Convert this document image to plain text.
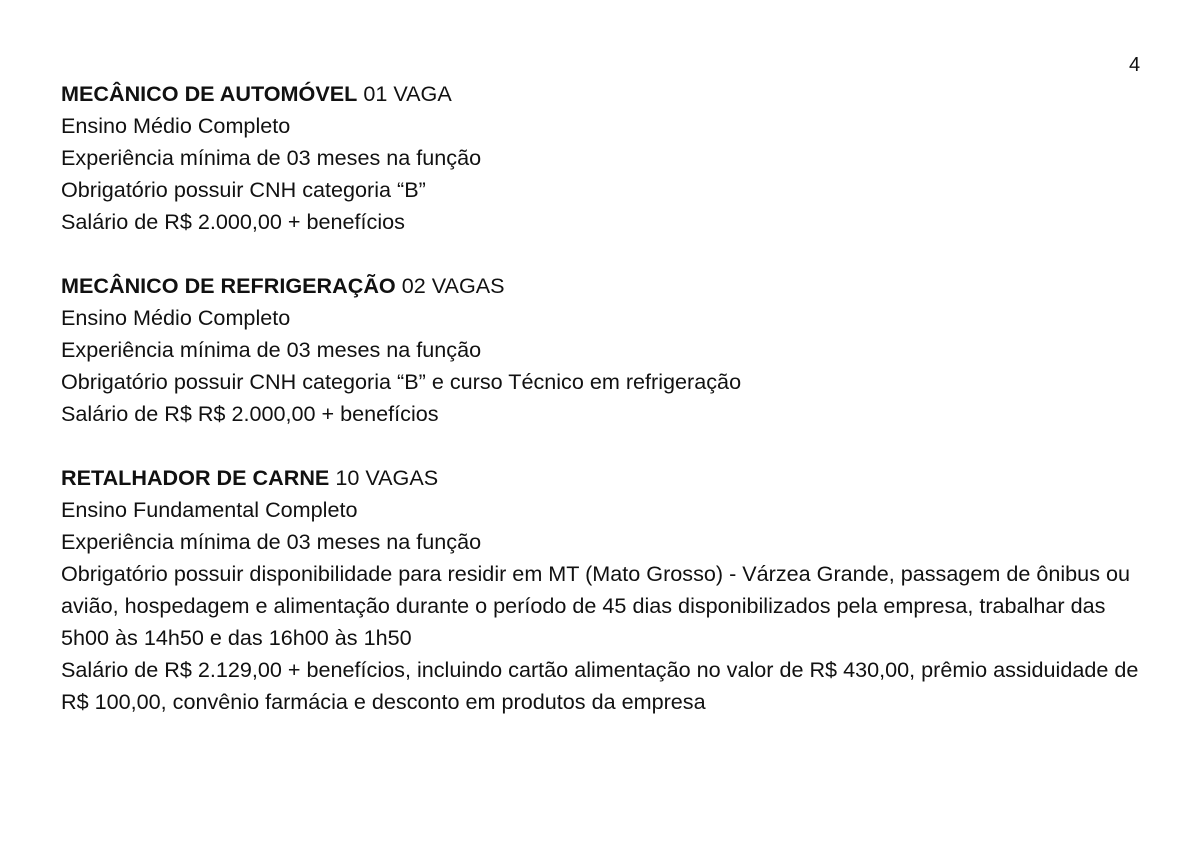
4
MECÂNICO DE AUTOMÓVEL 01 VAGA
Ensino Médio Completo
Experiência mínima de 03 meses na função
Obrigatório possuir CNH categoria “B”
Salário de R$ 2.000,00 + benefícios
MECÂNICO DE REFRIGERAÇÃO 02 VAGAS
Ensino Médio Completo
Experiência mínima de 03 meses na função
Obrigatório possuir CNH categoria “B” e curso Técnico em refrigeração
Salário de R$ R$ 2.000,00 + benefícios
RETALHADOR DE CARNE 10 VAGAS
Ensino Fundamental Completo
Experiência mínima de 03 meses na função
Obrigatório possuir disponibilidade para residir em MT (Mato Grosso) - Várzea Grande, passagem de ônibus ou avião, hospedagem e alimentação durante o período de 45 dias disponibilizados pela empresa, trabalhar das 5h00 às 14h50 e das 16h00 às 1h50
Salário de R$ 2.129,00 + benefícios, incluindo cartão alimentação no valor de R$ 430,00, prêmio assiduidade de R$ 100,00, convênio farmácia e desconto em produtos da empresa
